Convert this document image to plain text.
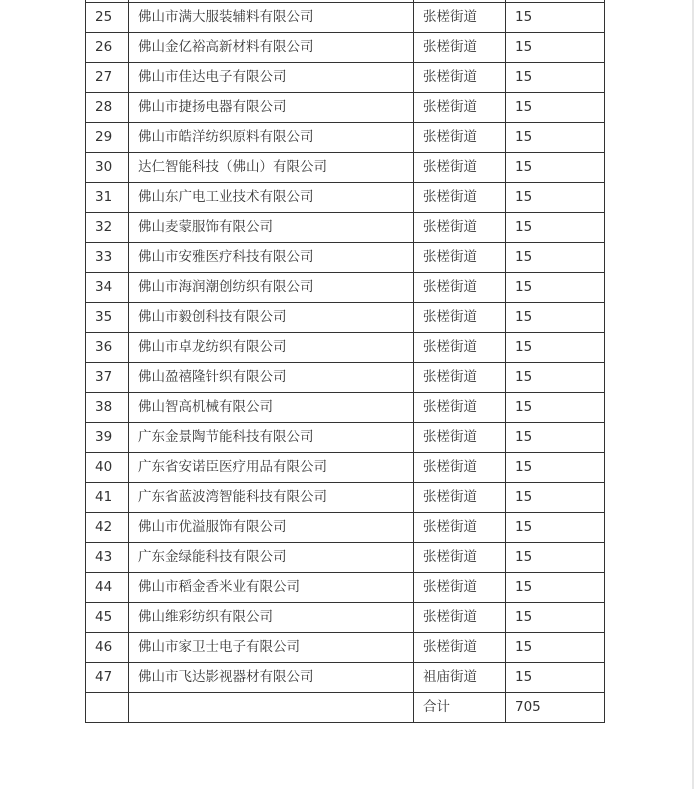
25	佛山市满大服装辅料有限公司	张槎街道	15
26	佛山金亿裕高新材料有限公司	张槎街道	15
27	佛山市佳达电子有限公司	张槎街道	15
28	佛山市捷扬电器有限公司	张槎街道	15
29	佛山市皓洋纺织原料有限公司	张槎街道	15
30	达仁智能科技（佛山）有限公司	张槎街道	15
31	佛山东广电工业技术有限公司	张槎街道	15
32	佛山麦蒙服饰有限公司	张槎街道	15
33	佛山市安雅医疗科技有限公司	张槎街道	15
34	佛山市海润潮创纺织有限公司	张槎街道	15
35	佛山市毅创科技有限公司	张槎街道	15
36	佛山市卓龙纺织有限公司	张槎街道	15
37	佛山盈禧隆针织有限公司	张槎街道	15
38	佛山智高机械有限公司	张槎街道	15
39	广东金景陶节能科技有限公司	张槎街道	15
40	广东省安诺臣医疗用品有限公司	张槎街道	15
41	广东省蓝波湾智能科技有限公司	张槎街道	15
42	佛山市优溢服饰有限公司	张槎街道	15
43	广东金绿能科技有限公司	张槎街道	15
44	佛山市稻金香米业有限公司	张槎街道	15
45	佛山维彩纺织有限公司	张槎街道	15
46	佛山市家卫士电子有限公司	张槎街道	15
47	佛山市飞达影视器材有限公司	祖庙街道	15
		合计	705
